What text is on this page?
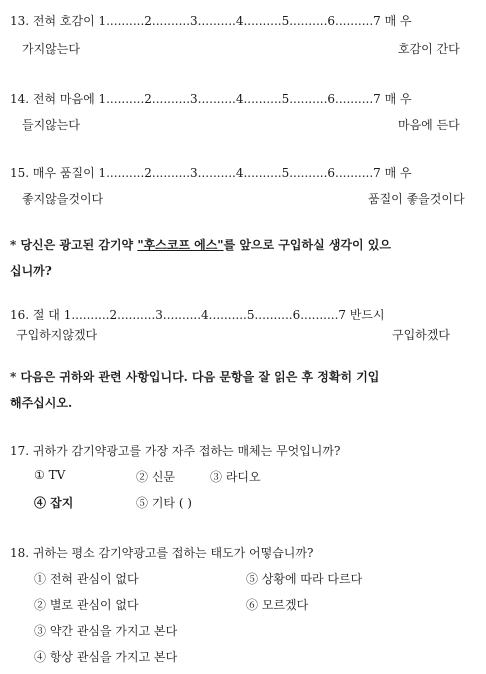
13. 전혀 호감이 1..........2..........3..........4..........5..........6..........7 매 우
가지않는다	호감이 간다
14. 전혀 마음에 1..........2..........3..........4..........5..........6..........7 매 우
들지않는다	마음에 든다
15. 매우 품질이 1..........2..........3..........4..........5..........6..........7 매 우
좋지않을것이다	품질이 좋을것이다
* 당신은 광고된 감기약 "후스코프 에스"를 앞으로 구입하실 생각이 있으
십니까?
16. 절 대 1..........2..........3..........4..........5..........6..........7 반드시
구입하지않겠다	구입하겠다
* 다음은 귀하와 관련 사항입니다. 다음 문항을 잘 읽은 후 정확히 기입
해주십시오.
17. 귀하가 감기약광고를 가장 자주 접하는 매체는 무엇입니까?
① TV	② 신문	③ 라디오
④ 잡지	⑤ 기타 ( )
18. 귀하는 평소 감기약광고를 접하는 태도가 어떻습니까?
① 전혀 관심이 없다
② 별로 관심이 없다
③ 약간 관심을 가지고 본다
④ 항상 관심을 가지고 본다
⑤ 상황에 따라 다르다
⑥ 모르겠다
